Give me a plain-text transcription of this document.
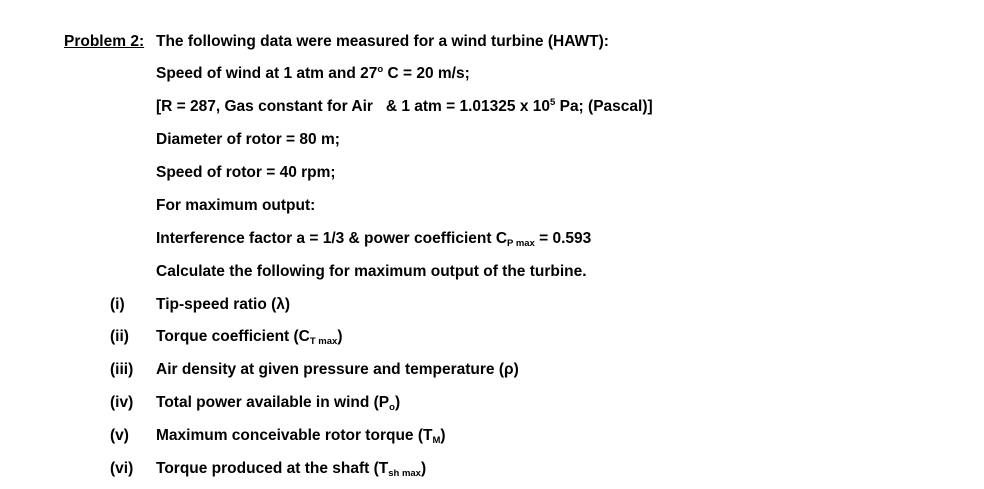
Problem 2: The following data were measured for a wind turbine (HAWT):
Speed of wind at 1 atm and 27$^o$ C = 20 m/s;
[R = 287, Gas constant for Air   & 1 atm = 1.01325 x $10^5$ Pa; (Pascal)]
Diameter of rotor = 80 m;
Speed of rotor = 40 rpm;
For maximum output:
Interference factor a = 1/3 & power coefficient $C_{P max} = 0.593$
Calculate the following for maximum output of the turbine.
(i) Tip-speed ratio (λ)
(ii) Torque coefficient $(C_{T max})$
(iii) Air density at given pressure and temperature (ρ)
(iv) Total power available in wind $(P_o)$
(v) Maximum conceivable rotor torque $(T_M)$
(vi) Torque produced at the shaft $(T_{sh max})$
